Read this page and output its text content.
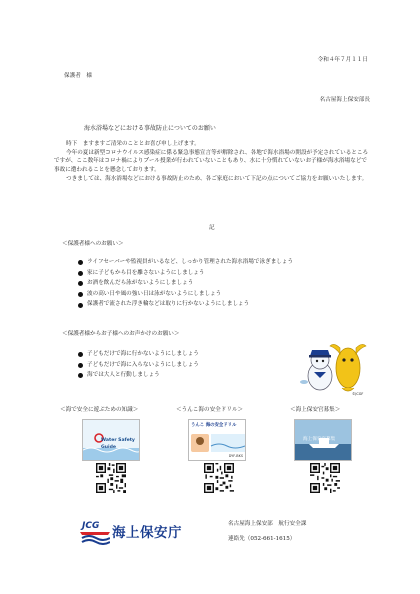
令和４年７月１１日
保護者　様
名古屋海上保安部長
海水浴場などにおける事故防止についてのお願い

時下　ますますご清栄のこととお喜び申し上げます。

今年の夏は新型コロナウイルス感染症に係る緊急事態宣言等が解除され、各地で海水浴場の開設が予定されているところですが、ここ数年はコロナ禍によりプール授業が行われていないこともあり、水に十分慣れていないお子様が海水浴場などで事故に遭われることを懸念しております。

つきましては、海水浴場などにおける事故防止のため、各ご家庭において下記の点についてご協力をお願いいたします。

記
＜保護者様へのお願い＞
ライフセーバーや監視員がいるなど、しっかり管理された海水浴場で泳ぎましょう
家に子どもから目を離さないようにしましょう
お酒を飲んだら泳がないようにしましょう
波の高い日や風の強い日は泳がないようにしましょう
保護者で流された浮き輪などは取りに行かないようにしましょう
＜保護者様からお子様へのお声かけのお願い＞
子どもだけで海に行かないようにしましょう
子どもだけで海に入らないようにしましょう
海では大人と行動しましょう
©JCGF
＜海で安全に遊ぶための知識＞	＜うんこ海の安全ドリル＞	＜海上保安官募集＞
Water Safety Guide
うんこ 海の安全ドリル
DYF-BKS
海上保安官募集
JCG 海上保安庁
名古屋海上保安部　航行安全課
連絡先（052-661-1615）
